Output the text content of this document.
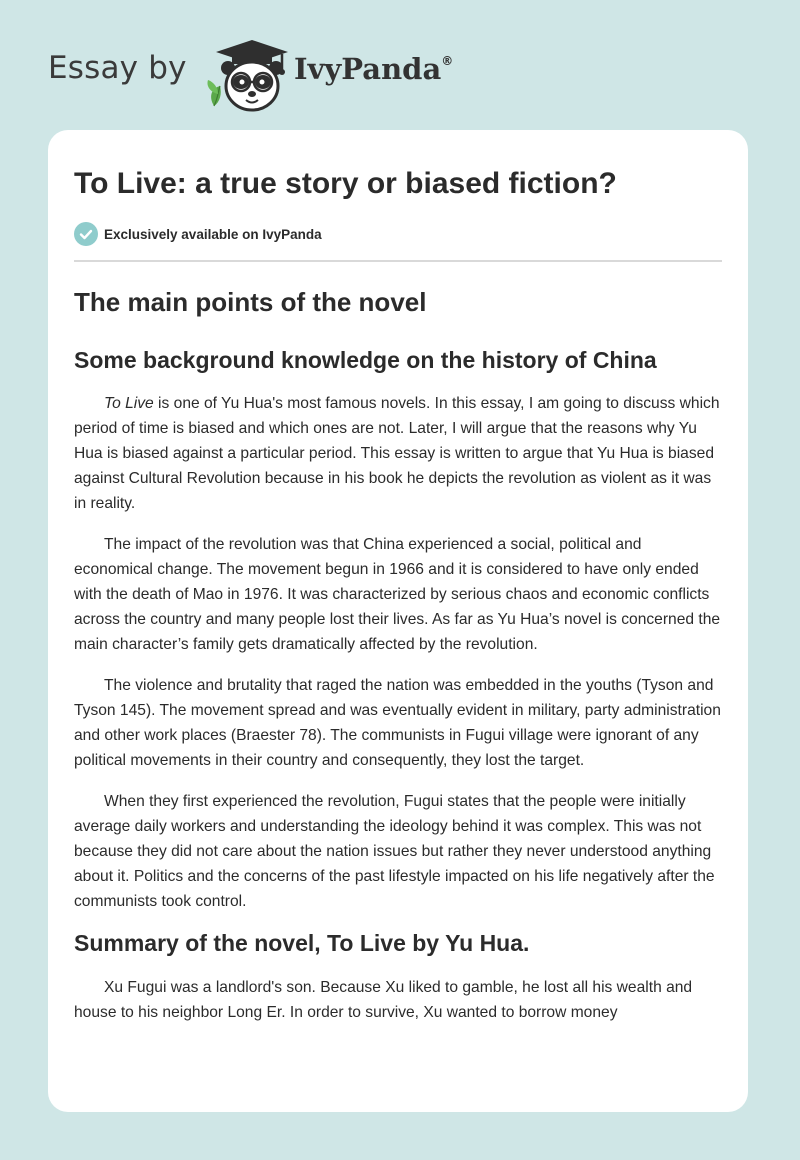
Essay by	IvyPanda®
To Live: a true story or biased fiction?
Exclusively available on IvyPanda
The main points of the novel
Some background knowledge on the history of China

To Live is one of Yu Hua's most famous novels. In this essay, I am going to discuss which period of time is biased and which ones are not. Later, I will argue that the reasons why Yu Hua is biased against a particular period. This essay is written to argue that Yu Hua is biased against Cultural Revolution because in his book he depicts the revolution as violent as it was in reality.

The impact of the revolution was that China experienced a social, political and economical change. The movement begun in 1966 and it is considered to have only ended with the death of Mao in 1976. It was characterized by serious chaos and economic conflicts across the country and many people lost their lives. As far as Yu Hua’s novel is concerned the main character’s family gets dramatically affected by the revolution.

The violence and brutality that raged the nation was embedded in the youths (Tyson and Tyson 145). The movement spread and was eventually evident in military, party administration and other work places (Braester 78). The communists in Fugui village were ignorant of any political movements in their country and consequently, they lost the target.

When they first experienced the revolution, Fugui states that the people were initially average daily workers and understanding the ideology behind it was complex. This was not because they did not care about the nation issues but rather they never understood anything about it. Politics and the concerns of the past lifestyle impacted on his life negatively after the communists took control.

Summary of the novel, To Live by Yu Hua.

Xu Fugui was a landlord's son. Because Xu liked to gamble, he lost all his wealth and house to his neighbor Long Er. In order to survive, Xu wanted to borrow money
